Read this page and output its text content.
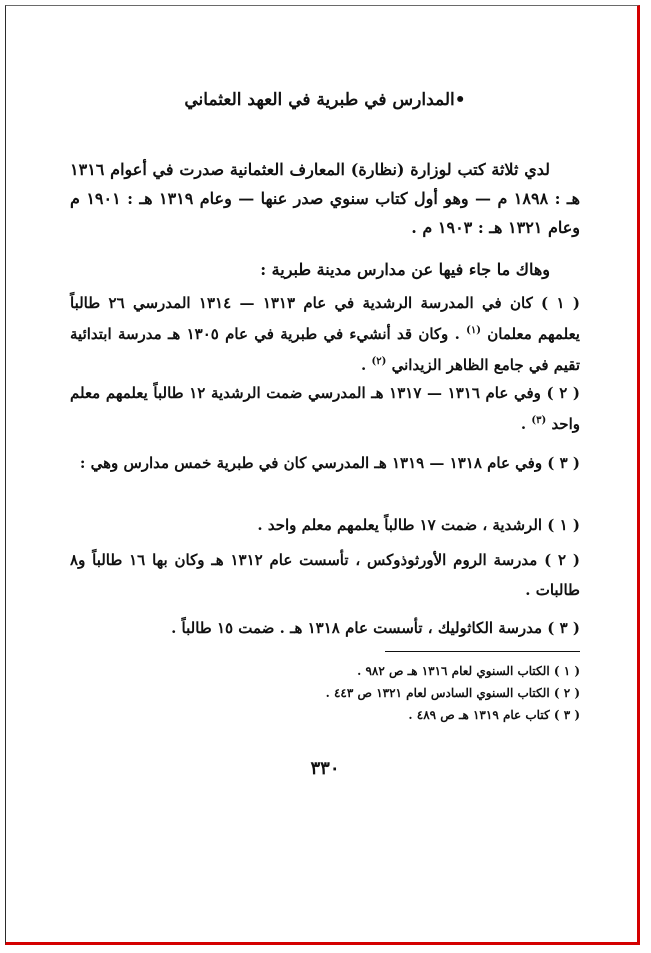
•المدارس في طبرية في العهد العثماني
لدي ثلاثة كتب لوزارة (نظارة) المعارف العثمانية صدرت في أعوام ١٣١٦ هـ : ١٨٩٨ م — وهو أول كتاب سنوي صدر عنها — وعام ١٣١٩ هـ : ١٩٠١ م وعام ١٣٢١ هـ : ١٩٠٣ م .
وهاك ما جاء فيها عن مدارس مدينة طبرية :
( ١ ) كان في المدرسة الرشدية في عام ١٣١٣ — ١٣١٤ المدرسي ٢٦ طالباً يعلمهم معلمان $^{(١)}$ . وكان قد أنشيء في طبرية في عام ١٣٠٥ هـ مدرسة ابتدائية تقيم في جامع الظاهر الزيداني $^{(٢)}$ .
( ٢ ) وفي عام ١٣١٦ — ١٣١٧ هـ المدرسي ضمت الرشدية ١٢ طالباً يعلمهم معلم واحد $^{(٣)}$ .
( ٣ ) وفي عام ١٣١٨ — ١٣١٩ هـ المدرسي كان في طبرية خمس مدارس وهي :
( ١ ) الرشدية ، ضمت ١٧ طالباً يعلمهم معلم واحد .
( ٢ ) مدرسة الروم الأورثوذوكس ، تأسست عام ١٣١٢ هـ وكان بها ١٦ طالباً و٨ طالبات .
( ٣ ) مدرسة الكاثوليك ، تأسست عام ١٣١٨ هـ . ضمت ١٥ طالباً .
( ١ ) الكتاب السنوي لعام ١٣١٦ هـ ص ٩٨٢ .
( ٢ ) الكتاب السنوي السادس لعام ١٣٢١ ص ٤٤٣ .
( ٣ ) كتاب عام ١٣١٩ هـ ص ٤٨٩ .
٣٣٠
